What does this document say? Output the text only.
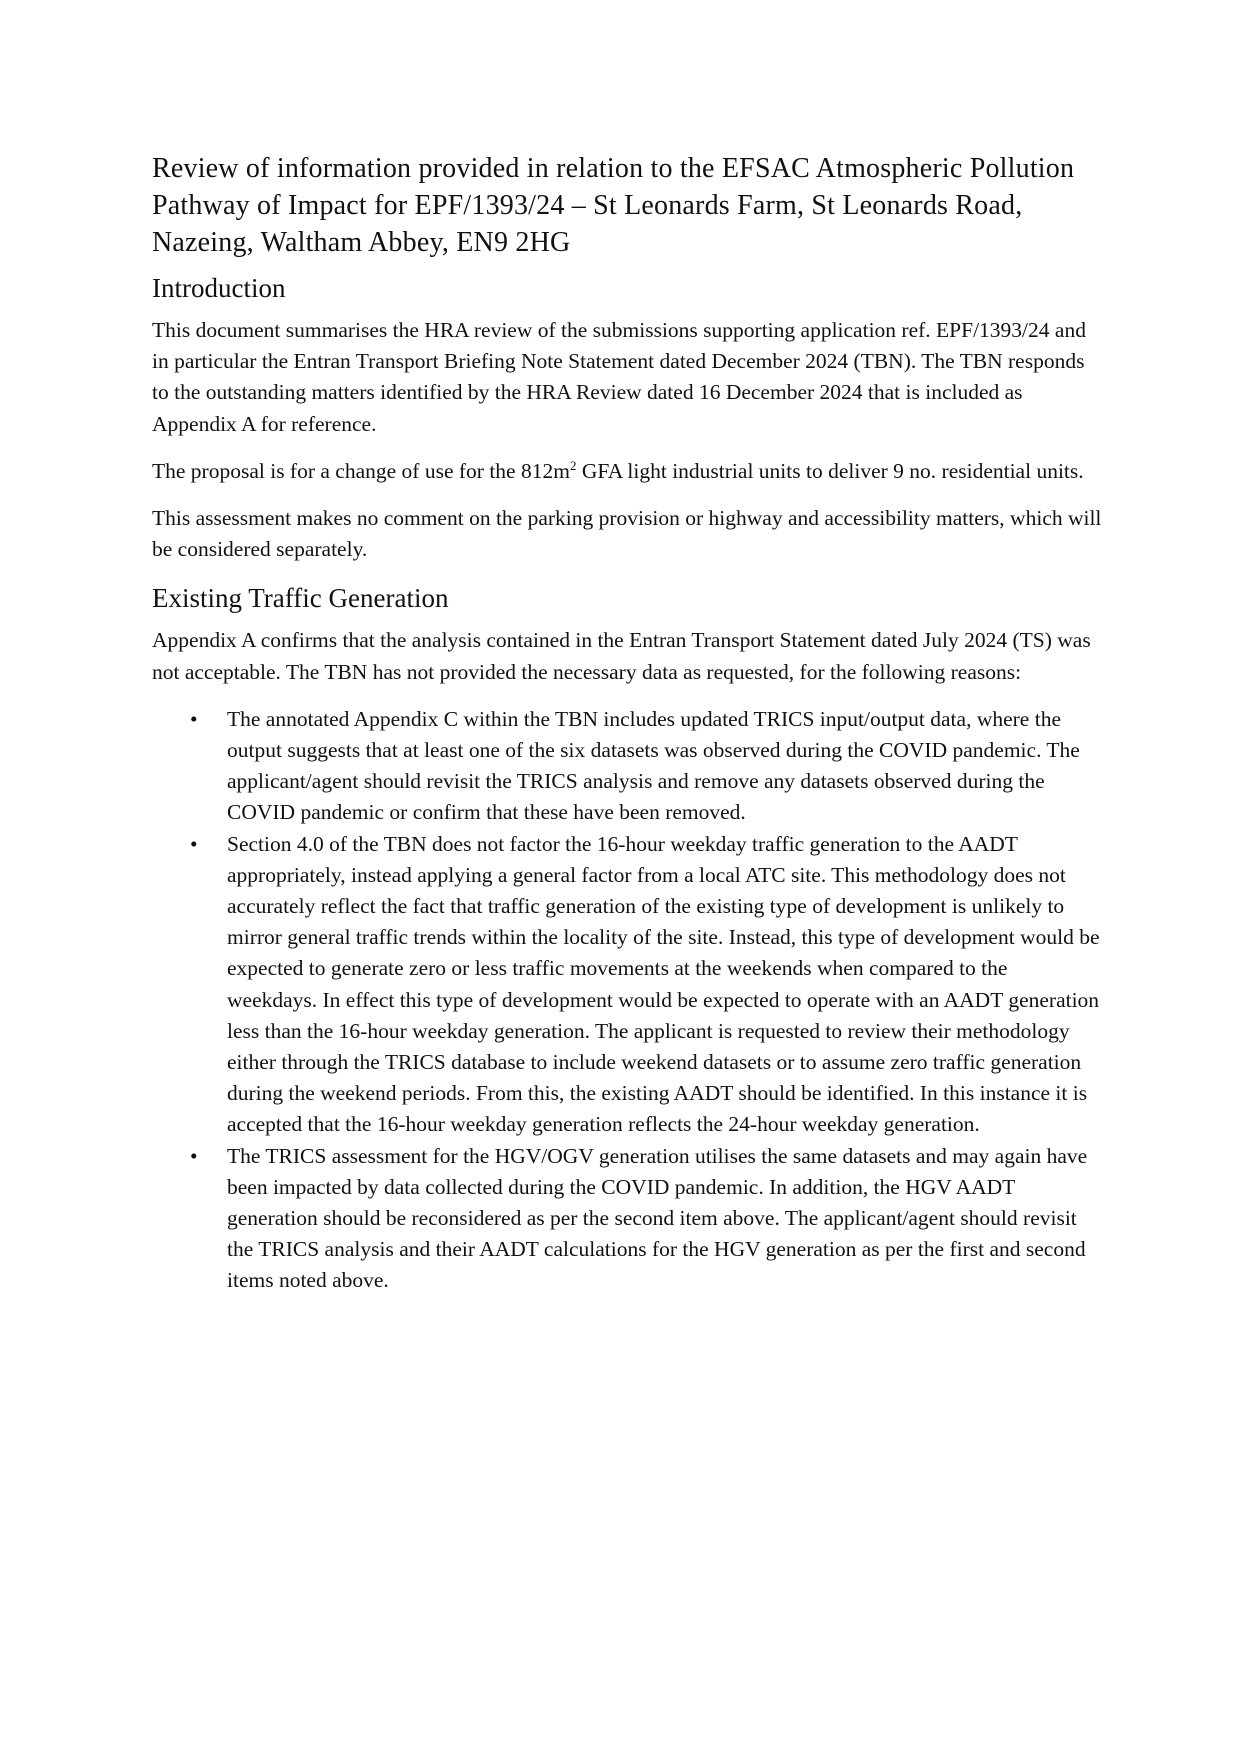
Review of information provided in relation to the EFSAC Atmospheric Pollution Pathway of Impact for EPF/1393/24 – St Leonards Farm, St Leonards Road, Nazeing, Waltham Abbey, EN9 2HG
Introduction

This document summarises the HRA review of the submissions supporting application ref. EPF/1393/24 and in particular the Entran Transport Briefing Note Statement dated December 2024 (TBN). The TBN responds to the outstanding matters identified by the HRA Review dated 16 December 2024 that is included as Appendix A for reference.

The proposal is for a change of use for the $812m^2$ GFA light industrial units to deliver 9 no. residential units.

This assessment makes no comment on the parking provision or highway and accessibility matters, which will be considered separately.

Existing Traffic Generation

Appendix A confirms that the analysis contained in the Entran Transport Statement dated July 2024 (TS) was not acceptable. The TBN has not provided the necessary data as requested, for the following reasons:

• The annotated Appendix C within the TBN includes updated TRICS input/output data, where the output suggests that at least one of the six datasets was observed during the COVID pandemic. The applicant/agent should revisit the TRICS analysis and remove any datasets observed during the COVID pandemic or confirm that these have been removed.
• Section 4.0 of the TBN does not factor the 16-hour weekday traffic generation to the AADT appropriately, instead applying a general factor from a local ATC site. This methodology does not accurately reflect the fact that traffic generation of the existing type of development is unlikely to mirror general traffic trends within the locality of the site. Instead, this type of development would be expected to generate zero or less traffic movements at the weekends when compared to the weekdays. In effect this type of development would be expected to operate with an AADT generation less than the 16-hour weekday generation. The applicant is requested to review their methodology either through the TRICS database to include weekend datasets or to assume zero traffic generation during the weekend periods. From this, the existing AADT should be identified. In this instance it is accepted that the 16-hour weekday generation reflects the 24-hour weekday generation.
• The TRICS assessment for the HGV/OGV generation utilises the same datasets and may again have been impacted by data collected during the COVID pandemic. In addition, the HGV AADT generation should be reconsidered as per the second item above. The applicant/agent should revisit the TRICS analysis and their AADT calculations for the HGV generation as per the first and second items noted above.
